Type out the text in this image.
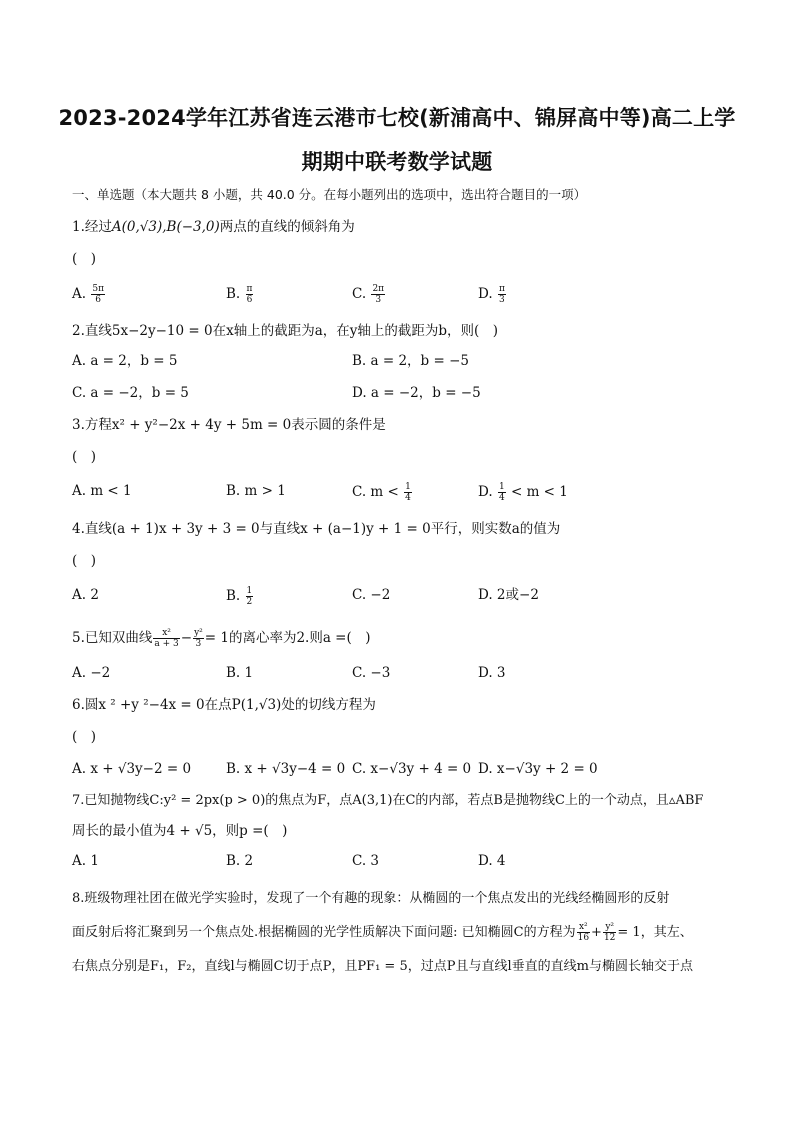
2023-2024学年江苏省连云港市七校(新浦高中、锦屏高中等)高二上学
期期中联考数学试题
一、单选题（本大题共 8 小题，共 40.0 分。在每小题列出的选项中，选出符合题目的一项）
1.经过A(0,√3),B(−3,0)两点的直线的倾斜角为
(　)
A. $\frac{5\pi}{6}$	B. $\frac{\pi}{6}$	C. $\frac{2\pi}{3}$	D. $\frac{\pi}{3}$
2.直线5x−2y−10 = 0在x轴上的截距为a，在y轴上的截距为b，则(　)
A. a = 2，b = 5	B. a = 2，b = −5
C. a = −2，b = 5	D. a = −2，b = −5
3.方程x² + y²−2x + 4y + 5m = 0表示圆的条件是
(　)
A. m < 1	B. m > 1	C. $m < \frac{1}{4}$	D. $\frac{1}{4} < m < 1$
4.直线(a + 1)x + 3y + 3 = 0与直线x + (a−1)y + 1 = 0平行，则实数a的值为
(　)
A. 2	B. $\frac{1}{2}$	C. −2	D. 2或−2
5.已知双曲线 $\frac{\text{x²}}{a + 3} - \frac{\text{y²}}{3} = 1$的离心率为2.则a =(　)
A. −2	B. 1	C. −3	D. 3
6.圆x ² +y ²−4x = 0在点P(1,√3)处的切线方程为
(　)
A. x + √3y−2 = 0	B. x + √3y−4 = 0 C. x−√3y + 4 = 0 D. x−√3y + 2 = 0
7.已知抛物线C:y² = 2px(p > 0)的焦点为F，点A(3,1)在C的内部，若点B是抛物线C上的一个动点，且▵ABF
周长的最小值为4 + √5，则p =(　)
A. 1	B. 2	C. 3	D. 4
8.班级物理社团在做光学实验时，发现了一个有趣的现象：从椭圆的一个焦点发出的光线经椭圆形的反射
面反射后将汇聚到另一个焦点处.根据椭圆的光学性质解决下面问题: 已知椭圆C的方程为 $\frac{\text{x²}}{16} + \frac{\text{y²}}{12} = 1$，其左、
右焦点分别是F₁，F₂，直线l与椭圆C切于点P，且PF₁ = 5，过点P且与直线l垂直的直线m与椭圆长轴交于点
